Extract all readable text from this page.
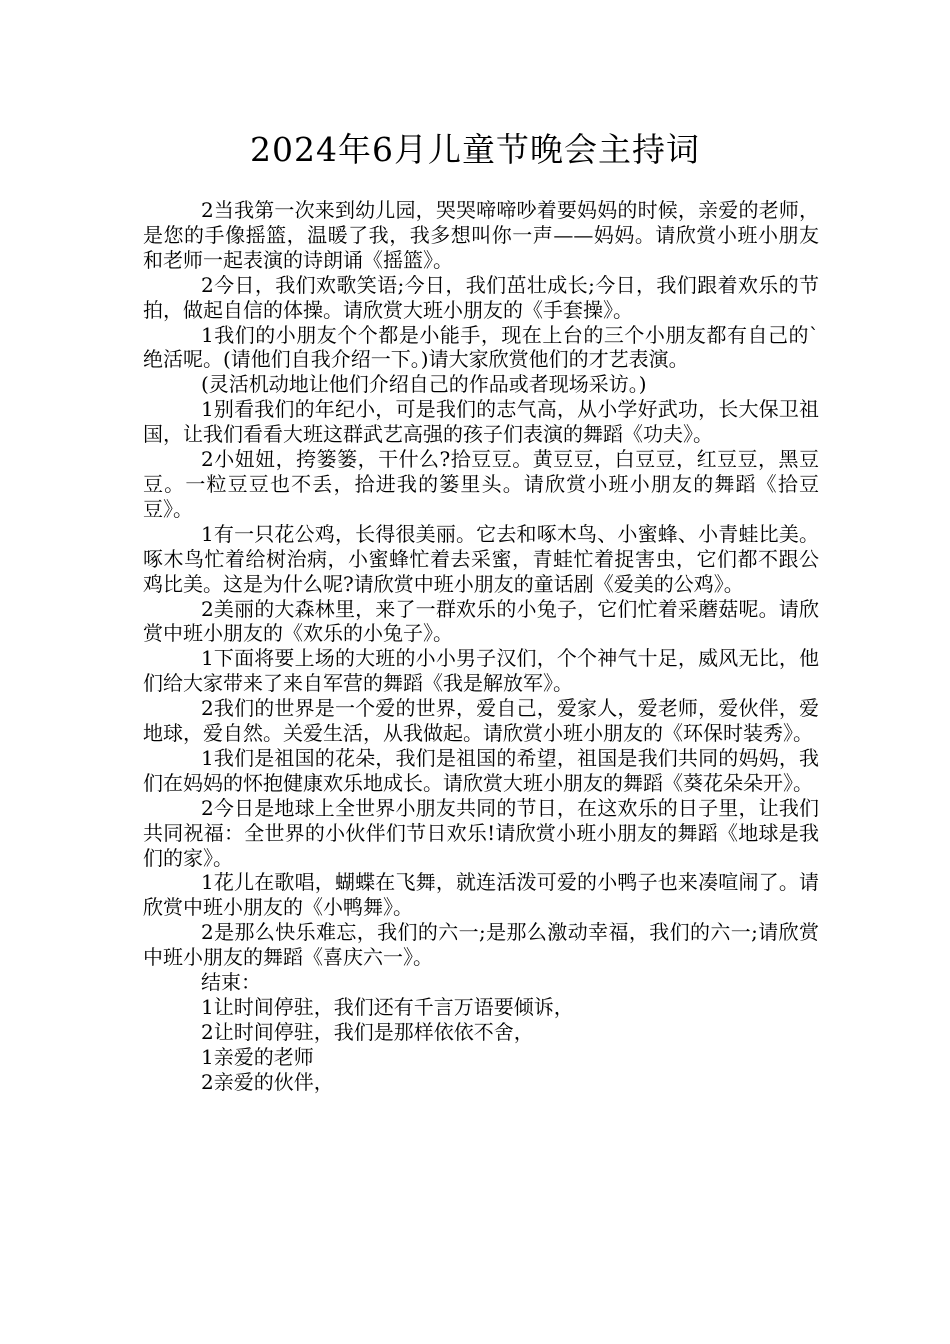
2024年6月儿童节晚会主持词

2当我第一次来到幼儿园，哭哭啼啼吵着要妈妈的时候，亲爱的老师，是您的手像摇篮，温暖了我，我多想叫你一声——妈妈。请欣赏小班小朋友和老师一起表演的诗朗诵《摇篮》。

2今日，我们欢歌笑语;今日，我们茁壮成长;今日，我们跟着欢乐的节拍，做起自信的体操。请欣赏大班小朋友的《手套操》。

1我们的小朋友个个都是小能手，现在上台的三个小朋友都有自己的`绝活呢。(请他们自我介绍一下。)请大家欣赏他们的才艺表演。

(灵活机动地让他们介绍自己的作品或者现场采访。)

1别看我们的年纪小，可是我们的志气高，从小学好武功，长大保卫祖国，让我们看看大班这群武艺高强的孩子们表演的舞蹈《功夫》。

2小妞妞，挎篓篓，干什么?拾豆豆。黄豆豆，白豆豆，红豆豆，黑豆豆。一粒豆豆也不丢，拾进我的篓里头。请欣赏小班小朋友的舞蹈《拾豆豆》。

1有一只花公鸡，长得很美丽。它去和啄木鸟、小蜜蜂、小青蛙比美。啄木鸟忙着给树治病，小蜜蜂忙着去采蜜，青蛙忙着捉害虫，它们都不跟公鸡比美。这是为什么呢?请欣赏中班小朋友的童话剧《爱美的公鸡》。

2美丽的大森林里，来了一群欢乐的小兔子，它们忙着采蘑菇呢。请欣赏中班小朋友的《欢乐的小兔子》。

1下面将要上场的大班的小小男子汉们，个个神气十足，威风无比，他们给大家带来了来自军营的舞蹈《我是解放军》。

2我们的世界是一个爱的世界，爱自己，爱家人，爱老师，爱伙伴，爱地球，爱自然。关爱生活，从我做起。请欣赏小班小朋友的《环保时装秀》。

1我们是祖国的花朵，我们是祖国的希望，祖国是我们共同的妈妈，我们在妈妈的怀抱健康欢乐地成长。请欣赏大班小朋友的舞蹈《葵花朵朵开》。

2今日是地球上全世界小朋友共同的节日，在这欢乐的日子里，让我们共同祝福：全世界的小伙伴们节日欢乐!请欣赏小班小朋友的舞蹈《地球是我们的家》。

1花儿在歌唱，蝴蝶在飞舞，就连活泼可爱的小鸭子也来凑喧闹了。请欣赏中班小朋友的《小鸭舞》。

2是那么快乐难忘，我们的六一;是那么激动幸福，我们的六一;请欣赏中班小朋友的舞蹈《喜庆六一》。

结束：

1让时间停驻，我们还有千言万语要倾诉，

2让时间停驻，我们是那样依依不舍，

1亲爱的老师

2亲爱的伙伴，
